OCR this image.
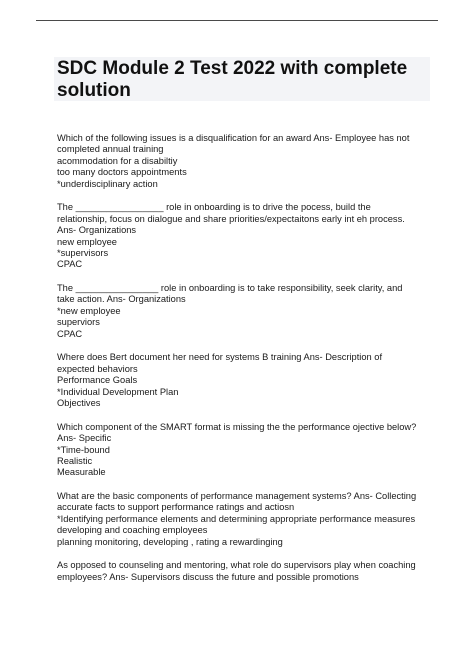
SDC Module 2 Test 2022 with complete
solution
Which of the following issues is a disqualification for an award Ans- Employee has not
completed annual training
acommodation for a disabiltiy
too many doctors appointments
*underdisciplinary action
The _________________ role in onboarding is to drive the pocess, build the
relationship, focus on dialogue and share priorities/expectaitons early int eh process.
Ans- Organizations
new employee
*supervisors
CPAC
The ________________ role in onboarding is to take responsibility, seek clarity, and
take action. Ans- Organizations
*new employee
superviors
CPAC
Where does Bert document her need for systems B training Ans- Description of
expected behaviors
Performance Goals
*Individual Development Plan
Objectives
Which component of the SMART format is missing the the performance ojective below?
Ans- Specific
*Time-bound
Realistic
Measurable
What are the basic components of performance management systems? Ans- Collecting
accurate facts to support performance ratings and actiosn
*Identifying performance elements and determining appropriate performance measures
developing and coaching employees
planning monitoring, developing , rating a rewardinging
As opposed to counseling and mentoring, what role do supervisors play when coaching
employees? Ans- Supervisors discuss the future and possible promotions
